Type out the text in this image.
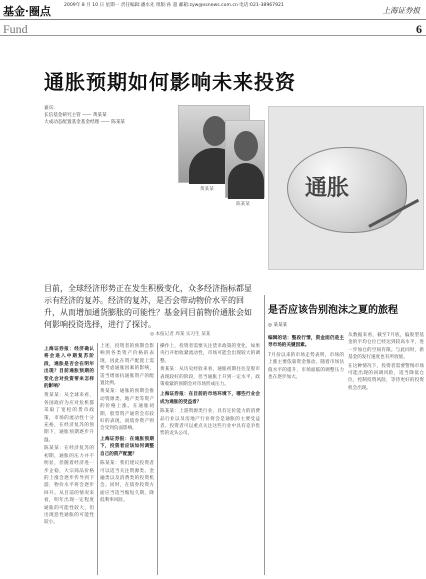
基金·圈点	2009年 8 月 10 日 星期一 责任编辑:潘水先 组版:孙 超 邮箱:zyw@ssnews.com.cn 电话:021-38967921
上海证券报
Fund	6
通胀预期如何影响未来投资
嘉宾:
长信基金研究主管 —— 黄某某
大成动态配置基金基金经理 —— 陈某某
黄某某
陈某某
通胀
目前，全球经济形势正在发生积极变化，众多经济指标都显示有经济的复苏。经济的复苏，是否会带动物价水平的回升，从而增加通货膨胀的可能性？基金同目前物价通胀会如何影响投资选择，进行了探讨。
◎ 本报记者 周某 实习生 某某

上海证券报：经济确认将会进入中期复苏阶段，通胀是否会在明年出现？目前通胀预期的变化会对投资带来怎样的影响？

黄某某：从全球来看，各国政府为应对危机都采取了宽松的货币政策，市场的流动性十分充裕，在经济复苏的预期下，通胀预期逐步升温。

陈某某：在经济复苏的初期，通胀的压力并不明显，但随着经济进一步企稳，大宗商品价格的上涨会逐步传导到下游，物价水平将会逐步回升。从目前的情况来看，明年出现一定程度通胀的可能性较大，但出现恶性通胀的可能性较小。

上述，投资者的预期会影响到各类资产价格的表现，因此在资产配置上需要考虑通胀因素的影响，适当增加抗通胀资产的配置比例。

黄某某：通胀的预期会推动资源类、地产类等资产的价格上涨。在通胀初期，股票资产通常会有较好的表现，而债券资产则会受到负面影响。

上海证券报：在通胀预期下，投资者应该如何调整自己的资产配置？

陈某某：我们建议投资者可以适当关注资源类、金融类以及消费类的投资机会。同时，在债券投资方面应当适当缩短久期，降低利率风险。

操作上，投资者需要关注货币政策的变化，如果央行开始收紧流动性，市场可能会出现较大的调整。

黄某某：从历史经验来看，通胀初期往往是股市表现较好的阶段，但当通胀上升到一定水平，政策收紧的预期会对市场形成压力。

上海证券报：在目前的市场环境下，哪些行业会成为通胀的受益者？

陈某某：上游资源类行业、具有定价能力的消费品行业以及房地产行业将会是通胀的主要受益者。投资者可以重点关注这些行业中具有竞争优势的龙头公司。

是否应该告别泡沫之夏的旅程
◎ 某某某

编辑的话：整段行情，资金面仍是主导市场的关键因素。

7月份以来的市场走势表明，市场的上涨主要依靠资金推动，随着市场估值水平的提升，市场面临的调整压力也在逐步加大。

从数据来看，截至7月底，偏股型基金的平均仓位已经达到较高水平，进一步加仓的空间有限。与此同时，新基金的发行速度也有所放缓。

在这种情况下，投资者需要警惕市场可能出现的回调风险，适当降低仓位，控制投资风险，等待更好的投资机会出现。
